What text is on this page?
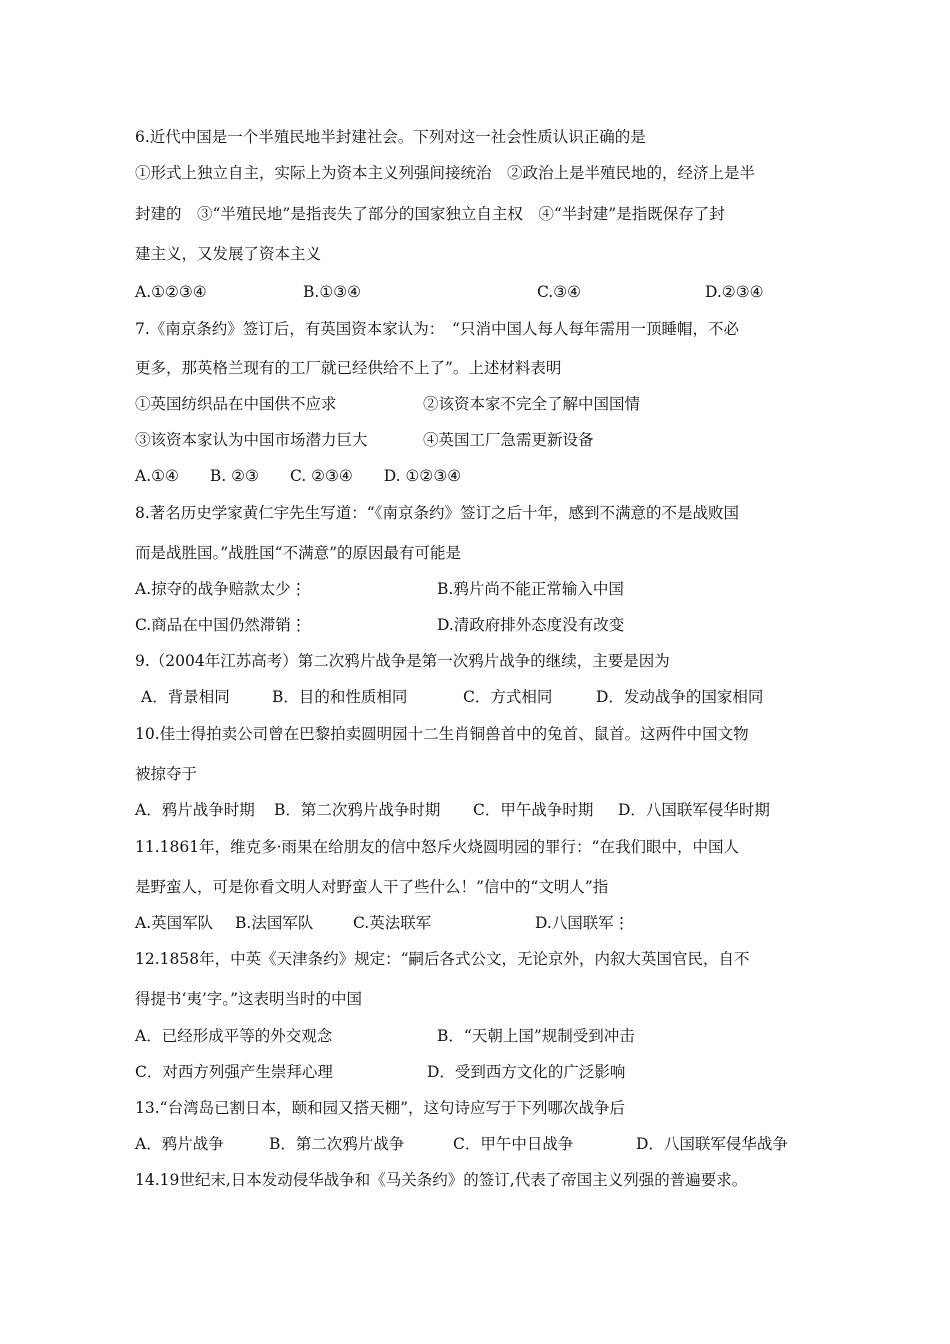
6.近代中国是一个半殖民地半封建社会。下列对这一社会性质认识正确的是
①形式上独立自主，实际上为资本主义列强间接统治　②政治上是半殖民地的，经济上是半
封建的　③“半殖民地”是指丧失了部分的国家独立自主权　④“半封建”是指既保存了封
建主义，又发展了资本主义
A.①②③④	B.①③④	C.③④	D.②③④
7.《南京条约》签订后，有英国资本家认为：　“只消中国人每人每年需用一顶睡帽，不必
更多，那英格兰现有的工厂就已经供给不上了”。上述材料表明
①英国纺织品在中国供不应求	②该资本家不完全了解中国国情
③该资本家认为中国市场潜力巨大	④英国工厂急需更新设备
A.①④　　B. ②③　　C. ②③④　　D. ①②③④
8.著名历史学家黄仁宇先生写道：“《南京条约》签订之后十年，感到不满意的不是战败国
而是战胜国。”战胜国“不满意”的原因最有可能是
A.掠夺的战争赔款太少⋮	B.鸦片尚不能正常输入中国
C.商品在中国仍然滞销⋮	D.清政府排外态度没有改变
9.（2004年江苏高考）第二次鸦片战争是第一次鸦片战争的继续，主要是因为
A．背景相同	B．目的和性质相同	C．方式相同	D．发动战争的国家相同
10.佳士得拍卖公司曾在巴黎拍卖圆明园十二生肖铜兽首中的兔首、鼠首。这两件中国文物
被掠夺于
A．鸦片战争时期 B．第二次鸦片战争时期 C．甲午战争时期 D．八国联军侵华时期
11.1861年，维克多·雨果在给朋友的信中怒斥火烧圆明园的罪行：“在我们眼中，中国人
是野蛮人，可是你看文明人对野蛮人干了些什么！”信中的“文明人”指
A.英国军队 B.法国军队	C.英法联军	D.八国联军⋮
12.1858年，中英《天津条约》规定：“嗣后各式公文，无论京外，内叙大英国官民，自不
得提书‘夷’字。”这表明当时的中国
A．已经形成平等的外交观念	B．“天朝上国”规制受到冲击
C．对西方列强产生崇拜心理	D．受到西方文化的广泛影响
13.“台湾岛已割日本，颐和园又搭天棚”，这句诗应写于下列哪次战争后
A．鸦片战争	B．第二次鸦片战争	C．甲午中日战争	D．八国联军侵华战争
14.19世纪末,日本发动侵华战争和《马关条约》的签订,代表了帝国主义列强的普遍要求。
